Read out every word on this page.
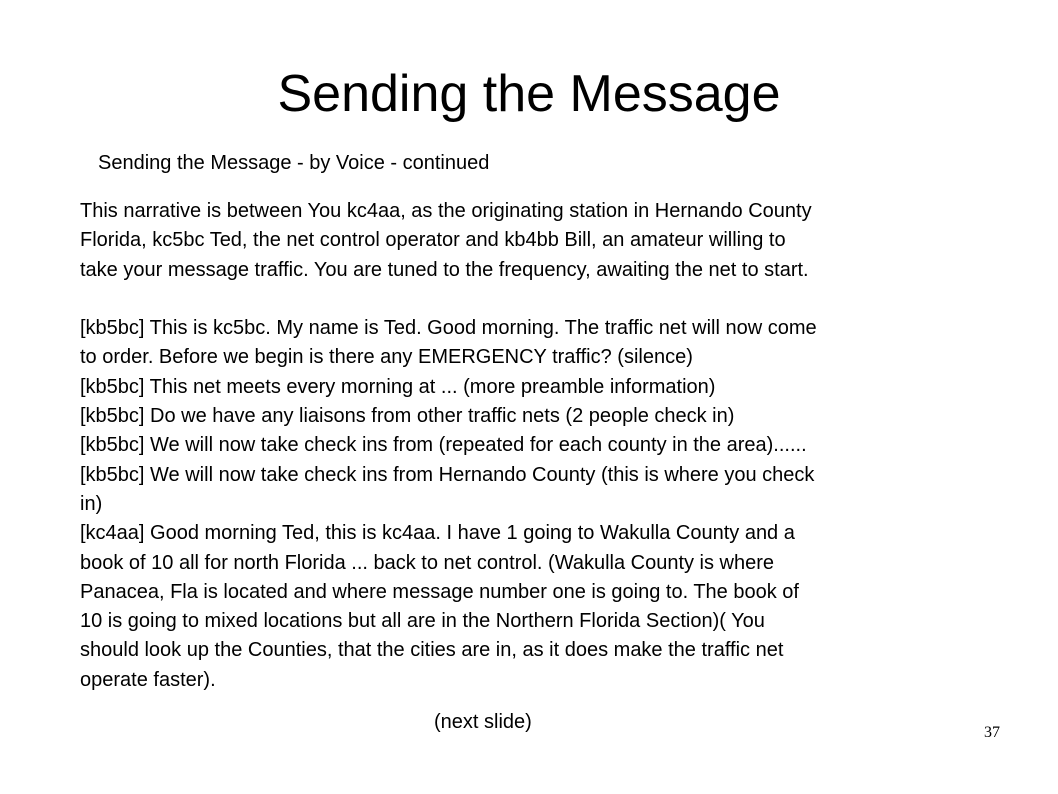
Sending the Message
Sending the Message - by Voice - continued
This narrative is between You kc4aa, as the originating station in Hernando County
Florida, kc5bc Ted, the net control operator and kb4bb Bill, an amateur willing to
take your message traffic. You are tuned to the frequency, awaiting the net to start.
[kb5bc] This is kc5bc. My name is Ted. Good morning. The traffic net will now come
to order. Before we begin is there any EMERGENCY traffic? (silence)
[kb5bc] This net meets every morning at ... (more preamble information)
[kb5bc] Do we have any liaisons from other traffic nets (2 people check in)
[kb5bc] We will now take check ins from (repeated for each county in the area)......
[kb5bc] We will now take check ins from Hernando County (this is where you check
in)
[kc4aa] Good morning Ted, this is kc4aa. I have 1 going to Wakulla County and a
book of 10 all for north Florida ... back to net control. (Wakulla County is where
Panacea, Fla is located and where message number one is going to. The book of
10 is going to mixed locations but all are in the Northern Florida Section)( You
should look up the Counties, that the cities are in, as it does make the traffic net
operate faster).
(next slide)	37
